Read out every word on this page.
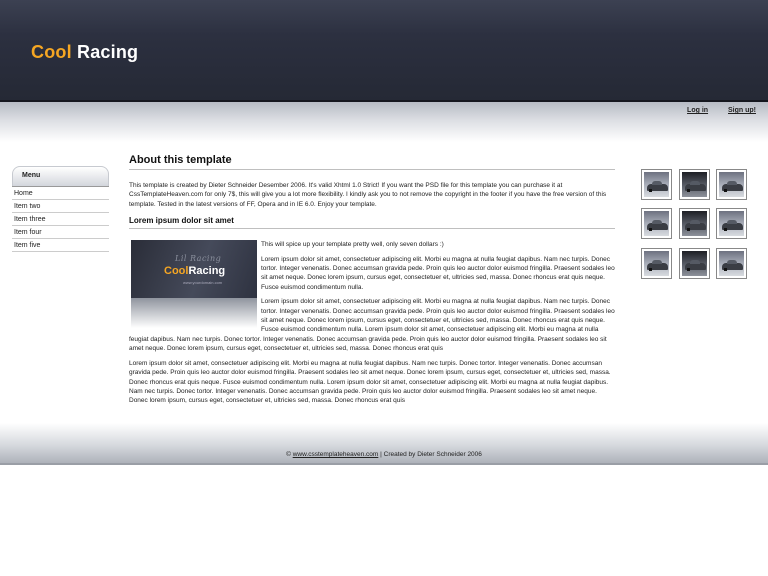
Cool Racing
Log in	Sign up!
Menu
Home
Item two
Item three
Item four
Item five
About this template

This template is created by Dieter Schneider Desember 2006. It's valid Xhtml 1.0 Strict! If you want the PSD file for this template you can purchase it at CssTemplateHeaven.com for only 7$, this will give you a lot more flexibility. I kindly ask you to not remove the copyright in the footer if you have the free version of this template. Tested in the latest versions of FF, Opera and in IE 6.0. Enjoy your template.

Lorem ipsum dolor sit amet
Lil Racing
CoolRacing
www.yourdomain.com

This will spice up your template pretty well, only seven dollars :)

Lorem ipsum dolor sit amet, consectetuer adipiscing elit. Morbi eu magna at nulla feugiat dapibus. Nam nec turpis. Donec tortor. Integer venenatis. Donec accumsan gravida pede. Proin quis leo auctor dolor euismod fringilla. Praesent sodales leo sit amet neque. Donec lorem ipsum, cursus eget, consectetuer et, ultricies sed, massa. Donec rhoncus erat quis neque. Fusce euismod condimentum nulla.

Lorem ipsum dolor sit amet, consectetuer adipiscing elit. Morbi eu magna at nulla feugiat dapibus. Nam nec turpis. Donec tortor. Integer venenatis. Donec accumsan gravida pede. Proin quis leo auctor dolor euismod fringilla. Praesent sodales leo sit amet neque. Donec lorem ipsum, cursus eget, consectetuer et, ultricies sed, massa. Donec rhoncus erat quis neque. Fusce euismod condimentum nulla. Lorem ipsum dolor sit amet, consectetuer adipiscing elit. Morbi eu magna at nulla feugiat dapibus. Nam nec turpis. Donec tortor. Integer venenatis. Donec accumsan gravida pede. Proin quis leo auctor dolor euismod fringilla. Praesent sodales leo sit amet neque. Donec lorem ipsum, cursus eget, consectetuer et, ultricies sed, massa. Donec rhoncus erat quis

Lorem ipsum dolor sit amet, consectetuer adipiscing elit. Morbi eu magna at nulla feugiat dapibus. Nam nec turpis. Donec tortor. Integer venenatis. Donec accumsan gravida pede. Proin quis leo auctor dolor euismod fringilla. Praesent sodales leo sit amet neque. Donec lorem ipsum, cursus eget, consectetuer et, ultricies sed, massa. Donec rhoncus erat quis neque. Fusce euismod condimentum nulla. Lorem ipsum dolor sit amet, consectetuer adipiscing elit. Morbi eu magna at nulla feugiat dapibus. Nam nec turpis. Donec tortor. Integer venenatis. Donec accumsan gravida pede. Proin quis leo auctor dolor euismod fringilla. Praesent sodales leo sit amet neque. Donec lorem ipsum, cursus eget, consectetuer et, ultricies sed, massa. Donec rhoncus erat quis

© www.csstemplateheaven.com | Created by Dieter Schneider 2006
